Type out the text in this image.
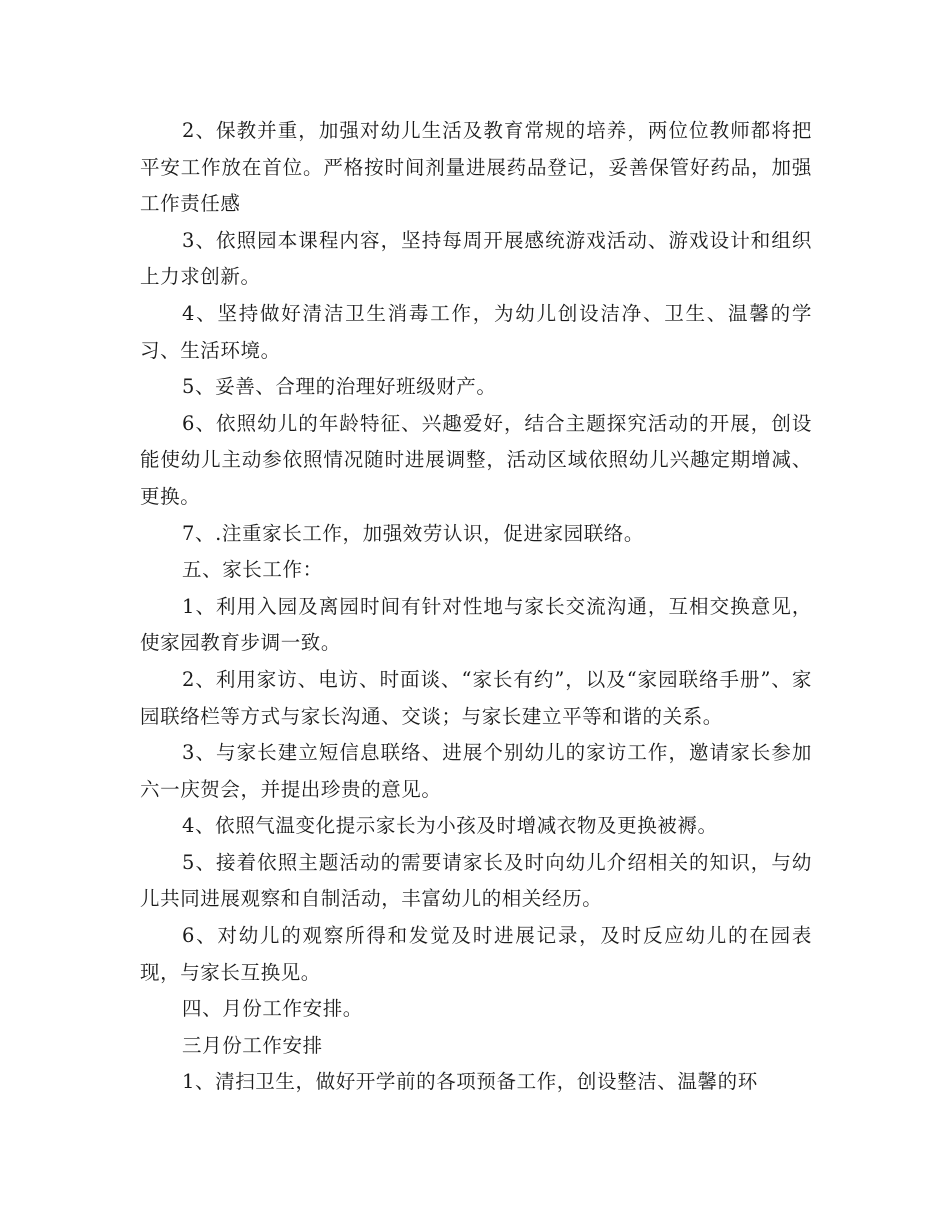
2、保教并重，加强对幼儿生活及教育常规的培养，两位位教师都将把平安工作放在首位。严格按时间剂量进展药品登记，妥善保管好药品，加强工作责任感

3、依照园本课程内容，坚持每周开展感统游戏活动、游戏设计和组织上力求创新。

4、坚持做好清洁卫生消毒工作，为幼儿创设洁净、卫生、温馨的学习、生活环境。

5、妥善、合理的治理好班级财产。

6、依照幼儿的年龄特征、兴趣爱好，结合主题探究活动的开展，创设能使幼儿主动参依照情况随时进展调整，活动区域依照幼儿兴趣定期增减、更换。

7、.注重家长工作，加强效劳认识，促进家园联络。

五、家长工作：

1、利用入园及离园时间有针对性地与家长交流沟通，互相交换意见，使家园教育步调一致。

2、利用家访、电访、时面谈、“家长有约”，以及“家园联络手册”、家园联络栏等方式与家长沟通、交谈；与家长建立平等和谐的关系。

3、与家长建立短信息联络、进展个别幼儿的家访工作，邀请家长参加六一庆贺会，并提出珍贵的意见。

4、依照气温变化提示家长为小孩及时增减衣物及更换被褥。

5、接着依照主题活动的需要请家长及时向幼儿介绍相关的知识，与幼儿共同进展观察和自制活动，丰富幼儿的相关经历。

6、对幼儿的观察所得和发觉及时进展记录，及时反应幼儿的在园表现，与家长互换见。

四、月份工作安排。

三月份工作安排

1、清扫卫生，做好开学前的各项预备工作，创设整洁、温馨的环
